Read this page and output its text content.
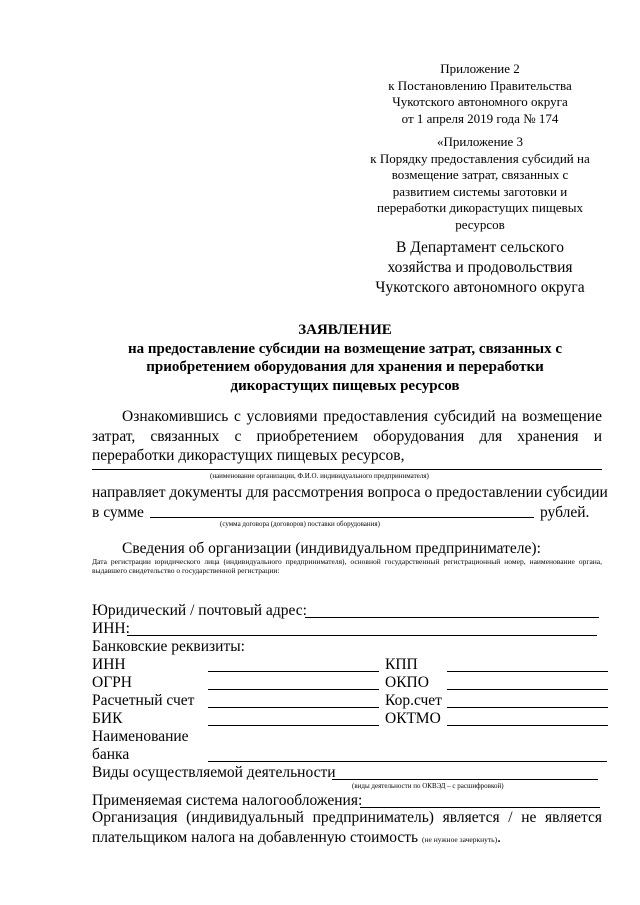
Приложение 2
к Постановлению Правительства
Чукотского автономного округа
от 1 апреля 2019 года № 174
«Приложение 3
к Порядку предоставления субсидий на
возмещение затрат, связанных с
развитием системы заготовки и
переработки дикорастущих пищевых
ресурсов
В Департамент сельского
хозяйства и продовольствия
Чукотского автономного округа
ЗАЯВЛЕНИЕ
на предоставление субсидии на возмещение затрат, связанных с
приобретением оборудования для хранения и переработки
дикорастущих пищевых ресурсов
Ознакомившись с условиями предоставления субсидий на возмещение затрат, связанных с приобретением оборудования для хранения и переработки дикорастущих пищевых ресурсов,
(наименование организации, Ф.И.О. индивидуального предпринимателя)
направляет документы для рассмотрения вопроса о предоставлении субсидии
в сумме	рублей.
(сумма договора (договоров) поставки оборудования)
Сведения об организации (индивидуальном предпринимателе):
Дата регистрации юридического лица (индивидуального предпринимателя), основной государственный регистрационный номер, наименование органа, выдавшего свидетельство о государственной регистрации:
Юридический / почтовый адрес:
ИНН:
Банковские реквизиты:
ИНН	КПП
ОГРН	ОКПО
Расчетный счет	Кор.счет
БИК	ОКТМО
Наименование
банка
Виды осуществляемой деятельности
(виды деятельности по ОКВЭД – с расшифровкой)
Применяемая система налогообложения:
Организация (индивидуальный предприниматель) является / не является плательщиком налога на добавленную стоимость (не нужное зачеркнуть).
